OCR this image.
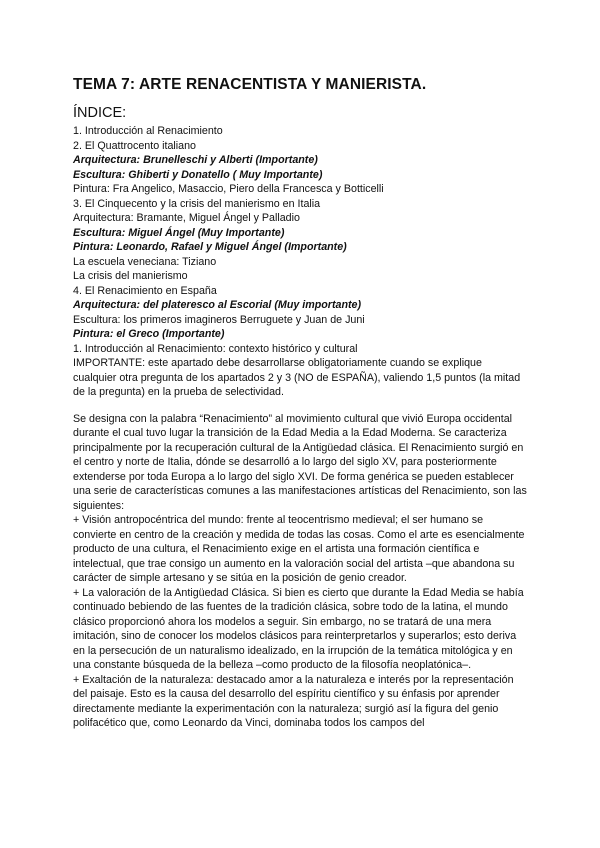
TEMA 7: ARTE RENACENTISTA Y MANIERISTA.
ÍNDICE:
1. Introducción al Renacimiento
2. El Quattrocento italiano
Arquitectura: Brunelleschi y Alberti (Importante)
Escultura: Ghiberti y Donatello ( Muy Importante)
Pintura: Fra Angelico, Masaccio, Piero della Francesca y Botticelli
3. El Cinquecento y la crisis del manierismo en Italia
Arquitectura: Bramante, Miguel Ángel y Palladio
Escultura: Miguel Ángel (Muy Importante)
Pintura: Leonardo, Rafael y Miguel Ángel (Importante)
La escuela veneciana: Tiziano
La crisis del manierismo
4. El Renacimiento en España
Arquitectura: del plateresco al Escorial (Muy importante)
Escultura: los primeros imagineros Berruguete y Juan de Juni
Pintura: el Greco (Importante)
1. Introducción al Renacimiento: contexto histórico y cultural

IMPORTANTE: este apartado debe desarrollarse obligatoriamente cuando se explique cualquier otra pregunta de los apartados 2 y 3 (NO de ESPAÑA), valiendo 1,5 puntos (la mitad de la pregunta) en la prueba de selectividad.

Se designa con la palabra “Renacimiento” al movimiento cultural que vivió Europa occidental durante el cual tuvo lugar la transición de la Edad Media a la Edad Moderna. Se caracteriza principalmente por la recuperación cultural de la Antigüedad clásica. El Renacimiento surgió en el centro y norte de Italia, dónde se desarrolló a lo largo del siglo XV, para posteriormente extenderse por toda Europa a lo largo del siglo XVI. De forma genérica se pueden establecer una serie de características comunes a las manifestaciones artísticas del Renacimiento, son las siguientes:

+ Visión antropocéntrica del mundo: frente al teocentrismo medieval; el ser humano se convierte en centro de la creación y medida de todas las cosas. Como el arte es esencialmente producto de una cultura, el Renacimiento exige en el artista una formación científica e intelectual, que trae consigo un aumento en la valoración social del artista –que abandona su carácter de simple artesano y se sitúa en la posición de genio creador.

+ La valoración de la Antigüedad Clásica. Si bien es cierto que durante la Edad Media se había continuado bebiendo de las fuentes de la tradición clásica, sobre todo de la latina, el mundo clásico proporcionó ahora los modelos a seguir. Sin embargo, no se tratará de una mera imitación, sino de conocer los modelos clásicos para reinterpretarlos y superarlos; esto deriva en la persecución de un naturalismo idealizado, en la irrupción de la temática mitológica y en una constante búsqueda de la belleza –como producto de la filosofía neoplatónica–.

+ Exaltación de la naturaleza: destacado amor a la naturaleza e interés por la representación del paisaje. Esto es la causa del desarrollo del espíritu científico y su énfasis por aprender directamente mediante la experimentación con la naturaleza; surgió así la figura del genio polifacético que, como Leonardo da Vinci, dominaba todos los campos del
